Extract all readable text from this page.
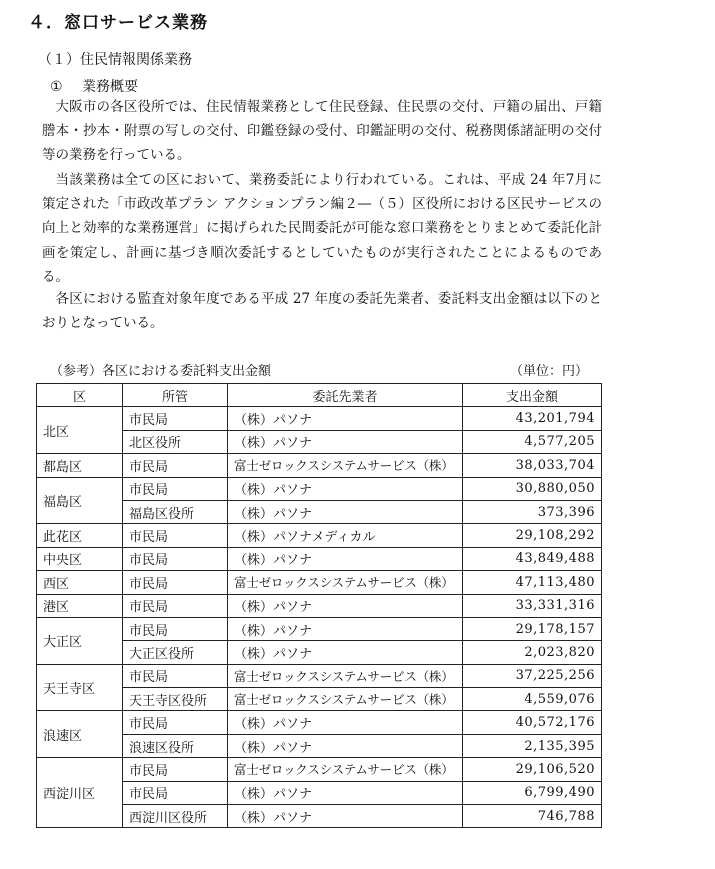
４．窓口サービス業務
（１）住民情報関係業務
① 業務概要

大阪市の各区役所では、住民情報業務として住民登録、住民票の交付、戸籍の届出、戸籍謄本・抄本・附票の写しの交付、印鑑登録の受付、印鑑証明の交付、税務関係諸証明の交付等の業務を行っている。

当該業務は全ての区において、業務委託により行われている。これは、平成 24 年7月に策定された「市政改革プラン アクションプラン編２―（５）区役所における区民サービスの向上と効率的な業務運営」に掲げられた民間委託が可能な窓口業務をとりまとめて委託化計画を策定し、計画に基づき順次委託するとしていたものが実行されたことによるものである。

各区における監査対象年度である平成 27 年度の委託先業者、委託料支出金額は以下のとおりとなっている。

（参考）各区における委託料支出金額	（単位：円）
区	所管	委託先業者	支出金額
北区	市民局	（株）パソナ	43,201,794
	北区役所	（株）パソナ	4,577,205
都島区	市民局	富士ゼロックスシステムサービス（株）	38,033,704
福島区	市民局	（株）パソナ	30,880,050
	福島区役所	（株）パソナ	373,396
此花区	市民局	（株）パソナメディカル	29,108,292
中央区	市民局	（株）パソナ	43,849,488
西区	市民局	富士ゼロックスシステムサービス（株）	47,113,480
港区	市民局	（株）パソナ	33,331,316
大正区	市民局	（株）パソナ	29,178,157
	大正区役所	（株）パソナ	2,023,820
天王寺区	市民局	富士ゼロックスシステムサービス（株）	37,225,256
	天王寺区役所	富士ゼロックスシステムサービス（株）	4,559,076
浪速区	市民局	（株）パソナ	40,572,176
	浪速区役所	（株）パソナ	2,135,395
西淀川区	市民局	富士ゼロックスシステムサービス（株）	29,106,520
	市民局	（株）パソナ	6,799,490
	西淀川区役所	（株）パソナ	746,788
